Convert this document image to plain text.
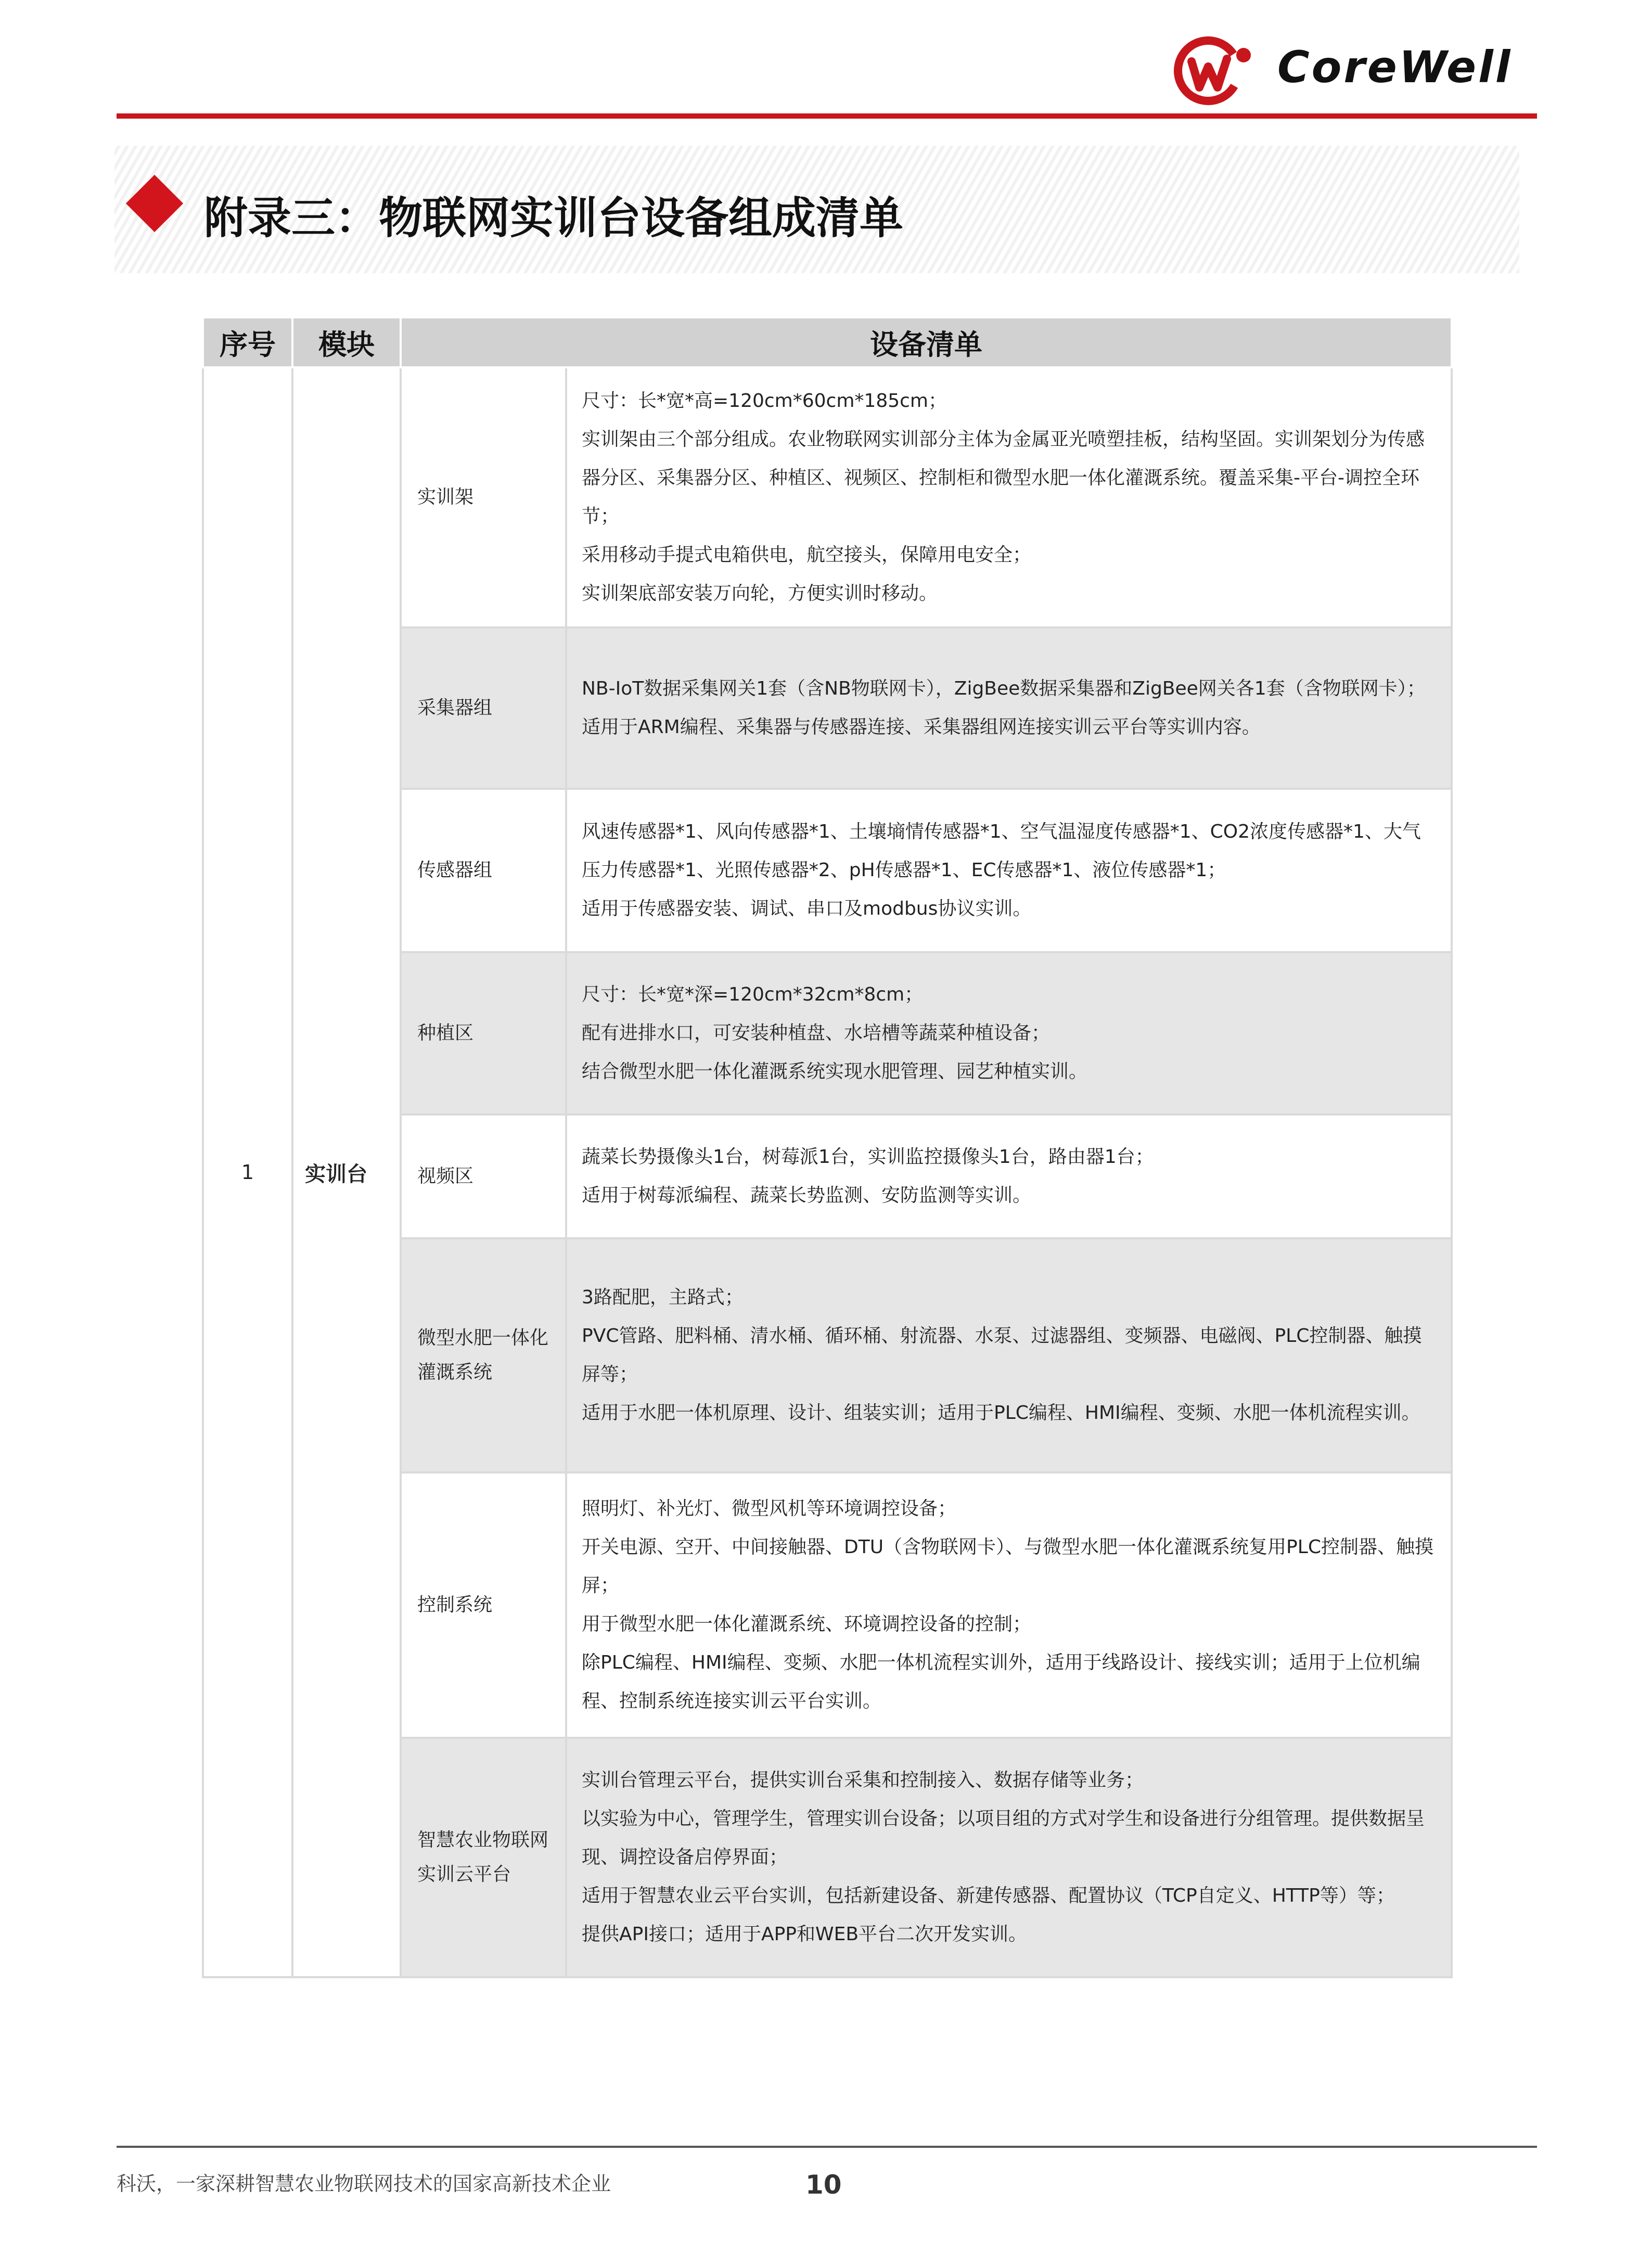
CoreWell
附录三：物联网实训台设备组成清单
序号	模块	设备清单	
1	实训台	实训架	尺寸：长*宽*高=120cm*60cm*185cm；
实训架由三个部分组成。农业物联网实训部分主体为金属亚光喷塑挂板，结构坚固。实训架划分为传感器分区、采集器分区、种植区、视频区、控制柜和微型水肥一体化灌溉系统。覆盖采集-平台-调控全环节；
采用移动手提式电箱供电，航空接头，保障用电安全；
实训架底部安装万向轮，方便实训时移动。

		采集器组	NB-IoT数据采集网关1套（含NB物联网卡），ZigBee数据采集器和ZigBee网关各1套（含物联网卡）；
适用于ARM编程、采集器与传感器连接、采集器组网连接实训云平台等实训内容。

		传感器组	风速传感器*1、风向传感器*1、土壤墒情传感器*1、空气温湿度传感器*1、CO2浓度传感器*1、大气压力传感器*1、光照传感器*2、pH传感器*1、EC传感器*1、液位传感器*1；
适用于传感器安装、调试、串口及modbus协议实训。

		种植区	尺寸：长*宽*深=120cm*32cm*8cm；
配有进排水口，可安装种植盘、水培槽等蔬菜种植设备；
结合微型水肥一体化灌溉系统实现水肥管理、园艺种植实训。

		视频区	蔬菜长势摄像头1台，树莓派1台，实训监控摄像头1台，路由器1台；
适用于树莓派编程、蔬菜长势监测、安防监测等实训。

		微型水肥一体化灌溉系统	3路配肥，主路式；
PVC管路、肥料桶、清水桶、循环桶、射流器、水泵、过滤器组、变频器、电磁阀、PLC控制器、触摸屏等；
适用于水肥一体机原理、设计、组装实训；适用于PLC编程、HMI编程、变频、水肥一体机流程实训。

		控制系统	照明灯、补光灯、微型风机等环境调控设备；
开关电源、空开、中间接触器、DTU（含物联网卡）、与微型水肥一体化灌溉系统复用PLC控制器、触摸屏；
用于微型水肥一体化灌溉系统、环境调控设备的控制；
除PLC编程、HMI编程、变频、水肥一体机流程实训外，适用于线路设计、接线实训；适用于上位机编程、控制系统连接实训云平台实训。

		智慧农业物联网实训云平台	实训台管理云平台，提供实训台采集和控制接入、数据存储等业务；
以实验为中心，管理学生，管理实训台设备；以项目组的方式对学生和设备进行分组管理。提供数据呈现、调控设备启停界面；
适用于智慧农业云平台实训，包括新建设备、新建传感器、配置协议（TCP自定义、HTTP等）等；
提供API接口；适用于APP和WEB平台二次开发实训。
科沃，一家深耕智慧农业物联网技术的国家高新技术企业	10
